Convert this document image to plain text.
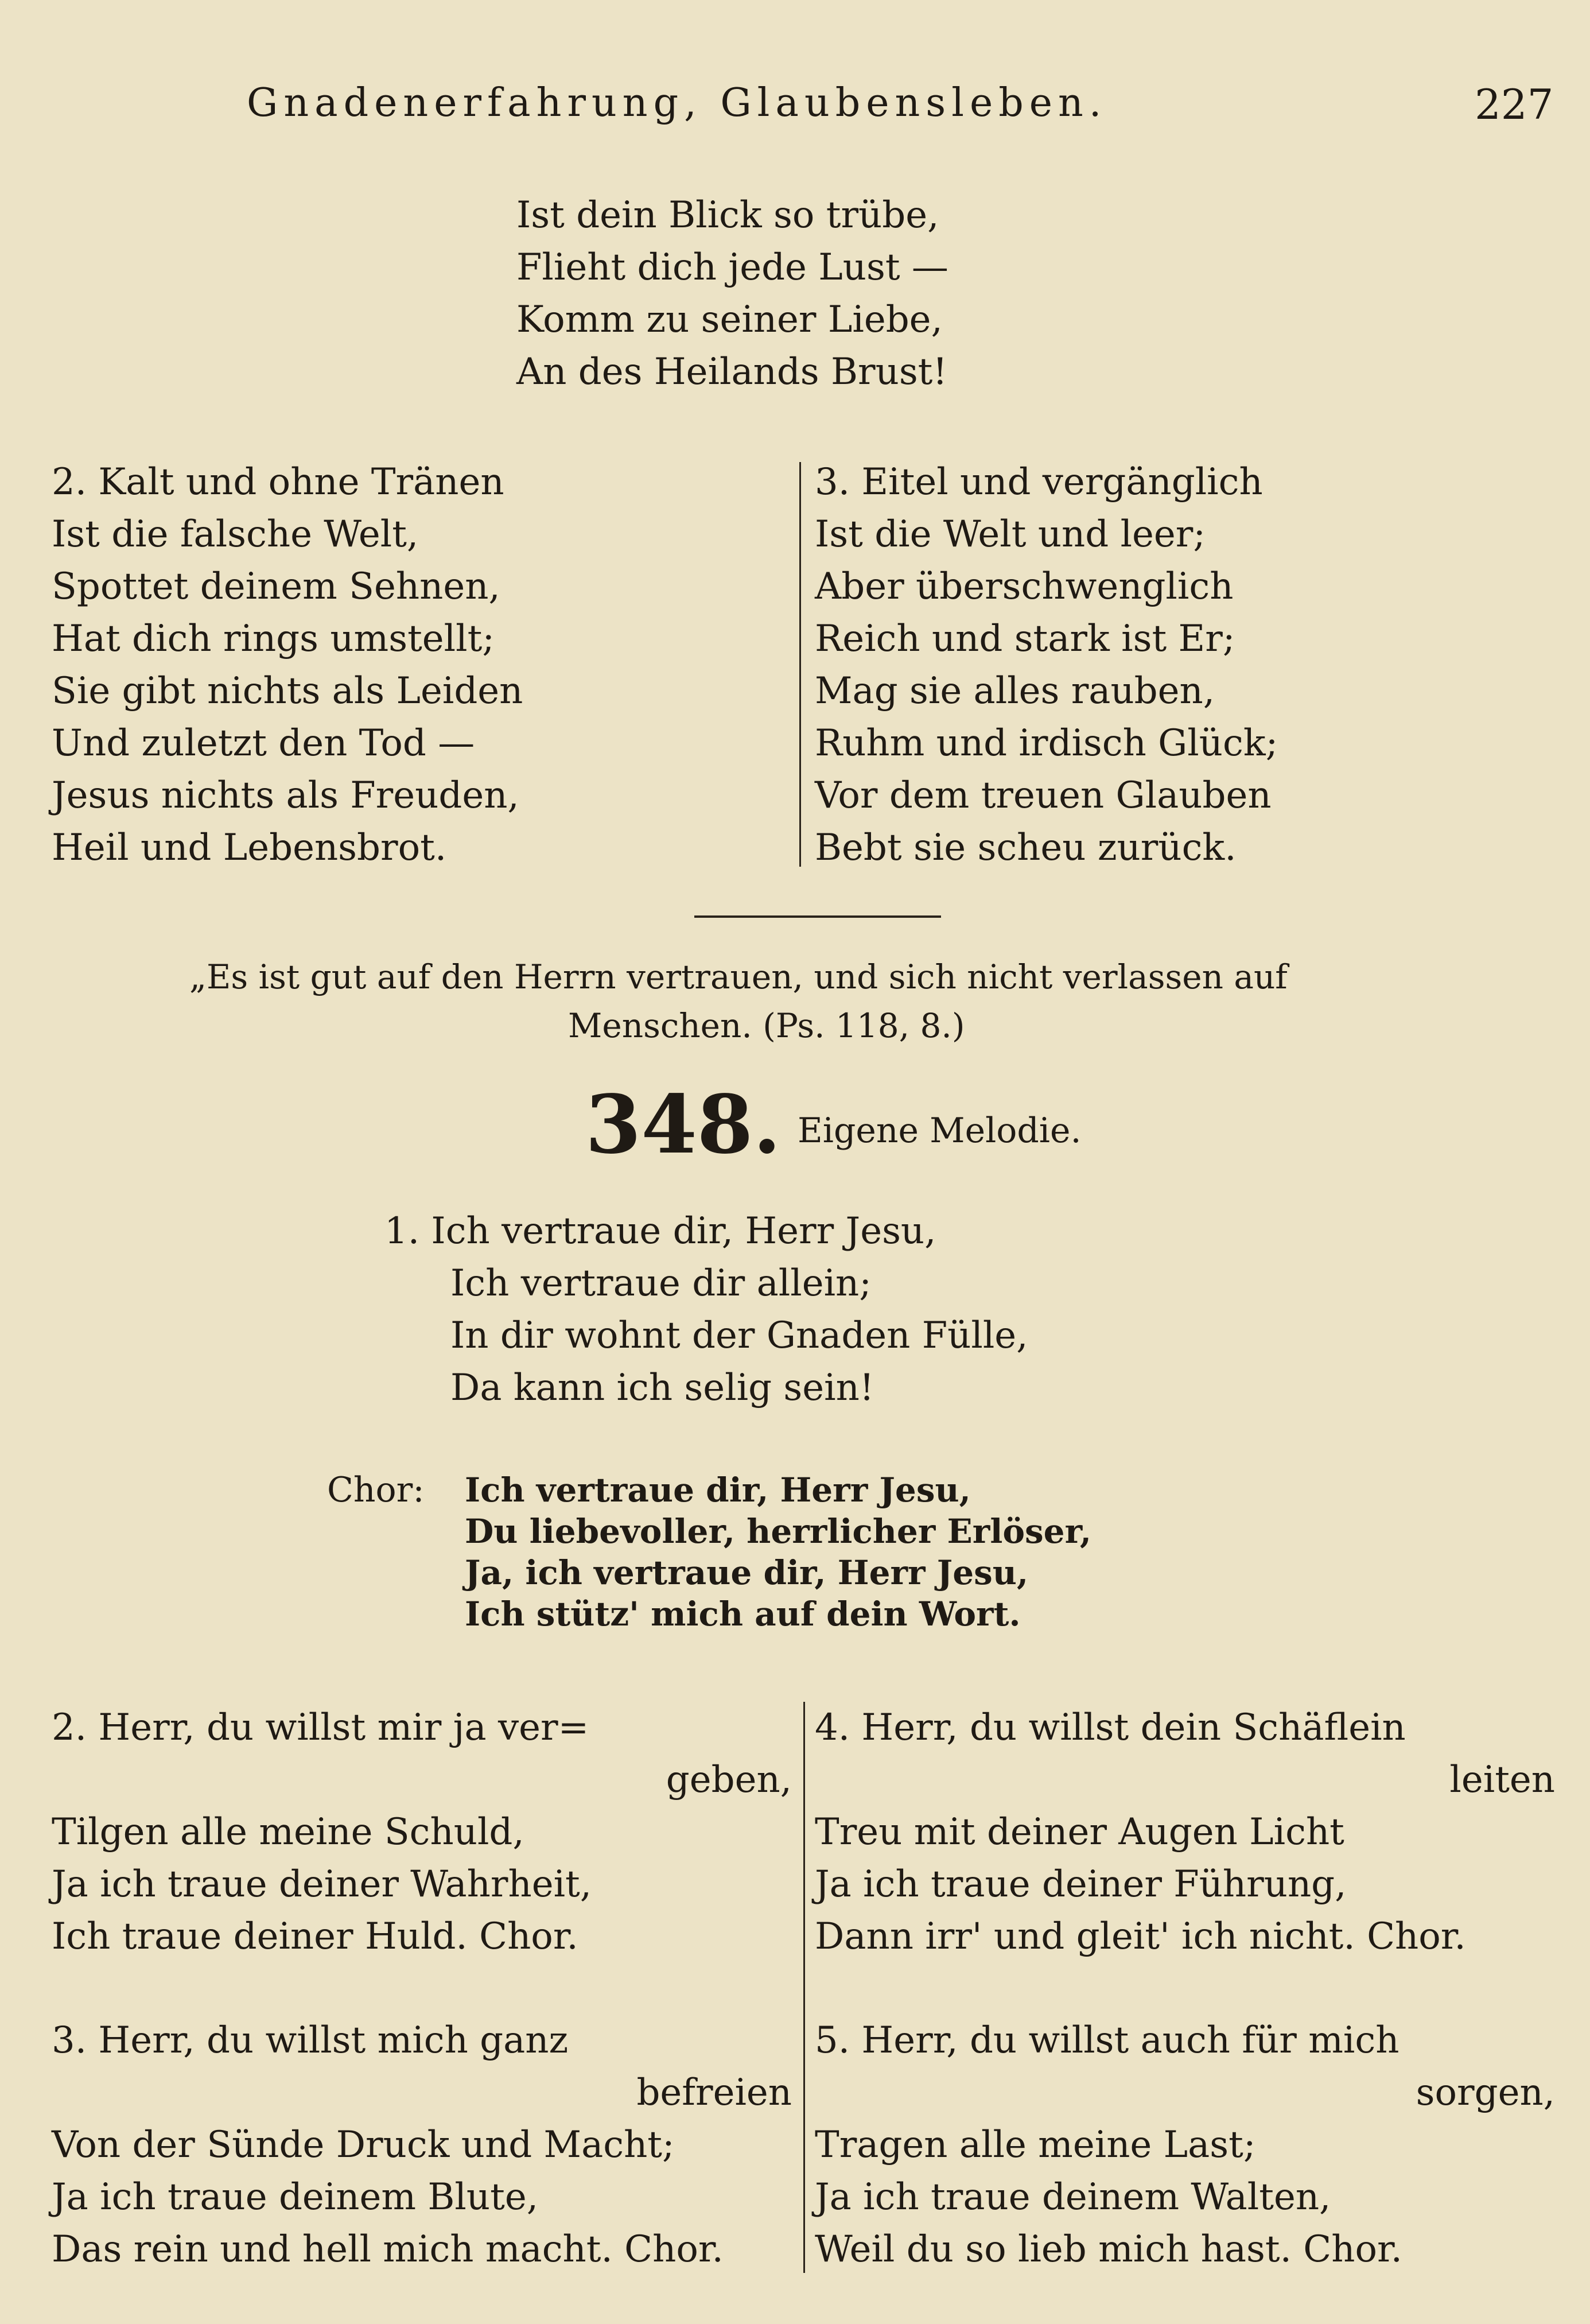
Gnadenerfahrung, Glaubensleben.	227
Ist dein Blick so trübe,
Flieht dich jede Lust —
Komm zu seiner Liebe,
An des Heilands Brust!
2. Kalt und ohne Tränen
Ist die falsche Welt,
Spottet deinem Sehnen,
Hat dich rings umstellt;
Sie gibt nichts als Leiden
Und zuletzt den Tod —
Jesus nichts als Freuden,
Heil und Lebensbrot.
3. Eitel und vergänglich
Ist die Welt und leer;
Aber überschwenglich
Reich und stark ist Er;
Mag sie alles rauben,
Ruhm und irdisch Glück;
Vor dem treuen Glauben
Bebt sie scheu zurück.
„Es ist gut auf den Herrn vertrauen, und sich nicht verlassen auf
Menschen. (Ps. 118, 8.)
348. Eigene Melodie.
1. Ich vertraue dir, Herr Jesu,
Ich vertraue dir allein;
In dir wohnt der Gnaden Fülle,
Da kann ich selig sein!
Chor: Ich vertraue dir, Herr Jesu,
Du liebevoller, herrlicher Erlöser,
Ja, ich vertraue dir, Herr Jesu,
Ich stütz' mich auf dein Wort.
2. Herr, du willst mir ja ver=
geben,
Tilgen alle meine Schuld,
Ja ich traue deiner Wahrheit,
Ich traue deiner Huld. Chor.
4. Herr, du willst dein Schäflein
leiten
Treu mit deiner Augen Licht
Ja ich traue deiner Führung,
Dann irr' und gleit' ich nicht. Chor.
3. Herr, du willst mich ganz
befreien
Von der Sünde Druck und Macht;
Ja ich traue deinem Blute,
Das rein und hell mich macht. Chor.
5. Herr, du willst auch für mich
sorgen,
Tragen alle meine Last;
Ja ich traue deinem Walten,
Weil du so lieb mich hast. Chor.
